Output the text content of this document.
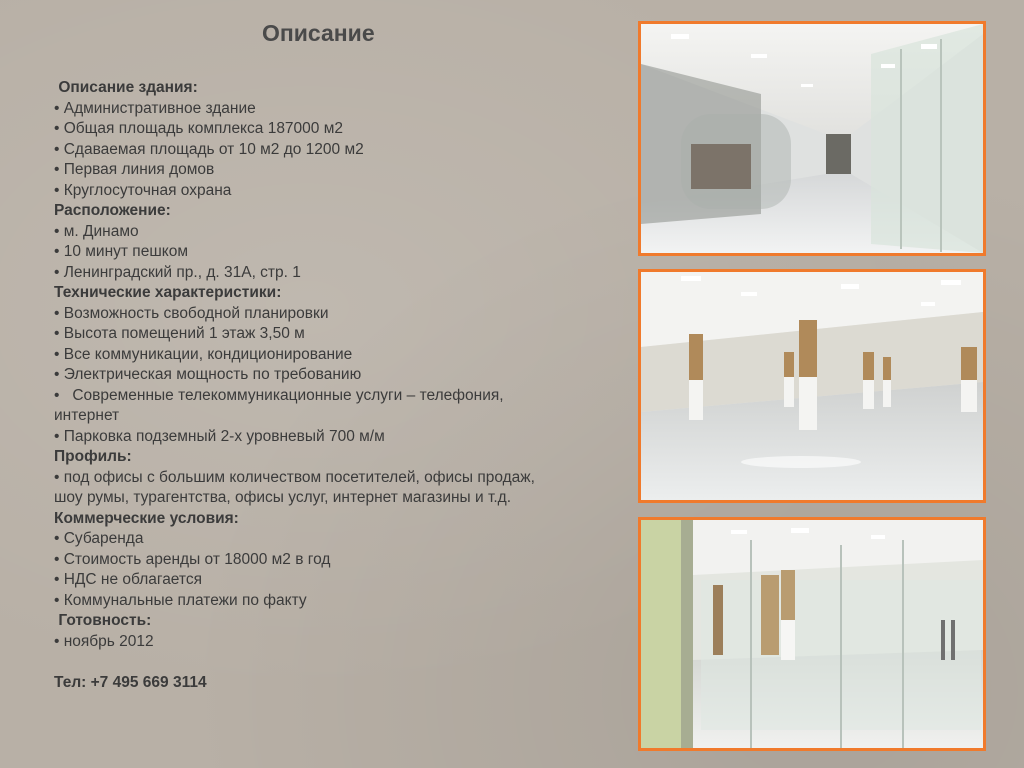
Описание
Описание здания:
• Административное здание
• Общая площадь комплекса 187000 м2
• Сдаваемая площадь от 10 м2 до 1200 м2
• Первая линия домов
• Круглосуточная охрана
Расположение:
• м. Динамо
• 10 минут пешком
• Ленинградский пр., д. 31А, стр. 1
Технические характеристики:
• Возможность свободной планировки
• Высота помещений 1 этаж 3,50 м
• Все коммуникации, кондиционирование
• Электрическая мощность по требованию
•   Современные телекоммуникационные услуги – телефония,
интернет
• Парковка подземный 2-х уровневый 700 м/м
Профиль:
• под офисы с большим количеством посетителей, офисы продаж,
шоу румы, турагентства, офисы услуг, интернет магазины и т.д.
Коммерческие условия:
• Субаренда
• Стоимость аренды от 18000 м2 в год
• НДС не облагается
• Коммунальные платежи по факту
Готовность:
• ноябрь 2012
Тел: +7 495 669 3114
